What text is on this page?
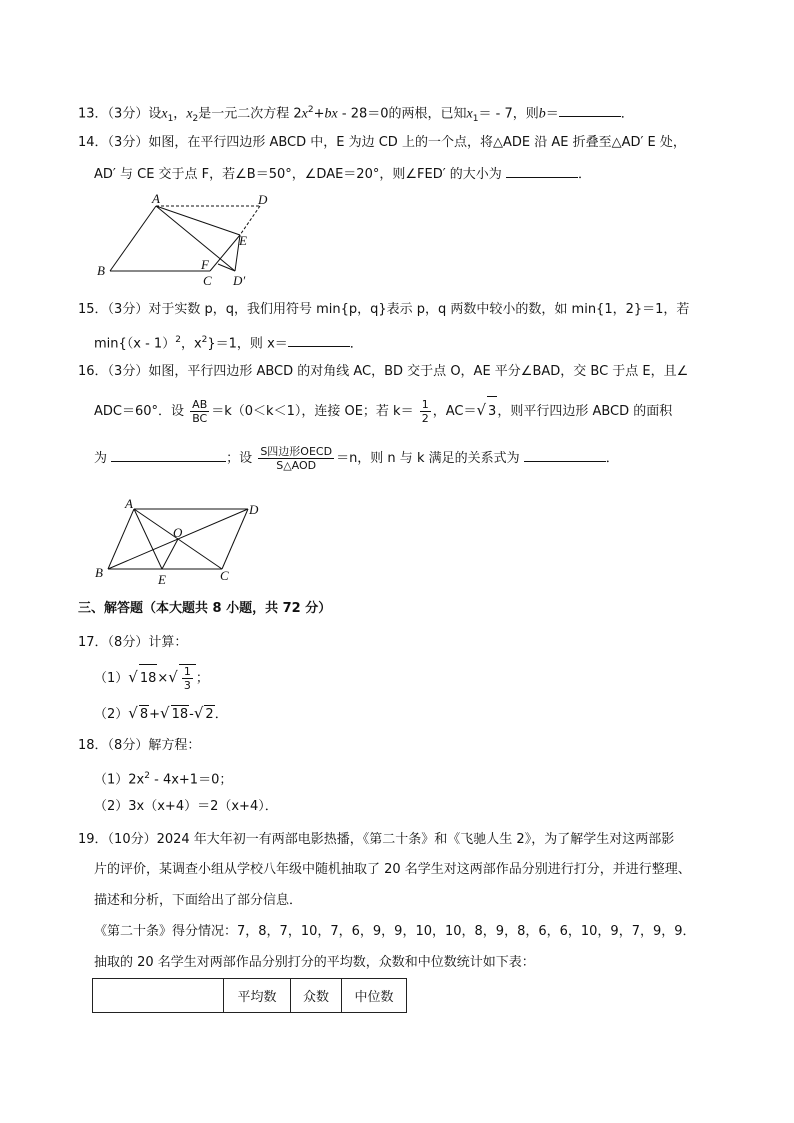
13．（3分）设$x_1$，$x_2$是一元二次方程 $2x^2+bx - 28=0$的两根，已知$x_1= - 7$，则b＝	．
14．（3分）如图，在平行四边形 ABCD 中，E 为边 CD 上的一个点，将△ADE 沿 AE 折叠至△AD′ E 处，
AD′ 与 CE 交于点 F，若∠B＝50°，∠DAE＝20°，则∠FED′ 的大小为	．
A	D
E
B	F
C D′
15．（3分）对于实数 p，q，我们用符号 min{p，q}表示 p，q 两数中较小的数，如 min{1，2}＝1，若
min{（x - 1）$^2$，$x^2\}=1$，则 x＝	．
16．（3分）如图，平行四边形 ABCD 的对角线 AC，BD 交于点 O，AE 平分∠BAD，交 BC 于点 E，且∠
ADC＝60°．设 $\frac{AB}{BC} =k(0<k<1)$，连接 OE；若 $k= \frac{1}{2}$ ，AC＝√ 3，则平行四边形 ABCD 的面积
为	；设 $\frac{\text{S四边形OECD}}{\text{S△AOD}} =n$，则 n 与 k 满足的关系式为	．
A	D
O
B	E	C
三、解答题（本大题共 8 小题，共 72 分）
17．（8分）计算：
（1）√ $18\times√ \frac{1}{3}$ ；
（2）√ 8+√ 18-√ 2．
18．（8分）解方程：
$(1)2x^2 - 4x+1=0$；
（2）3x（x+4）＝2（x+4）．
19．（10分）2024 年大年初一有两部电影热播，《第二十条》和《飞驰人生 2》，为了解学生对这两部影
片的评价，某调查小组从学校八年级中随机抽取了 20 名学生对这两部作品分别进行打分，并进行整理、
描述和分析，下面给出了部分信息．
《第二十条》得分情况：7，8，7，10，7，6，9，9，10，10，8，9，8，6，6，10，9，7，9，9．
抽取的 20 名学生对两部作品分别打分的平均数，众数和中位数统计如下表：
	平均数	众数	中位数
